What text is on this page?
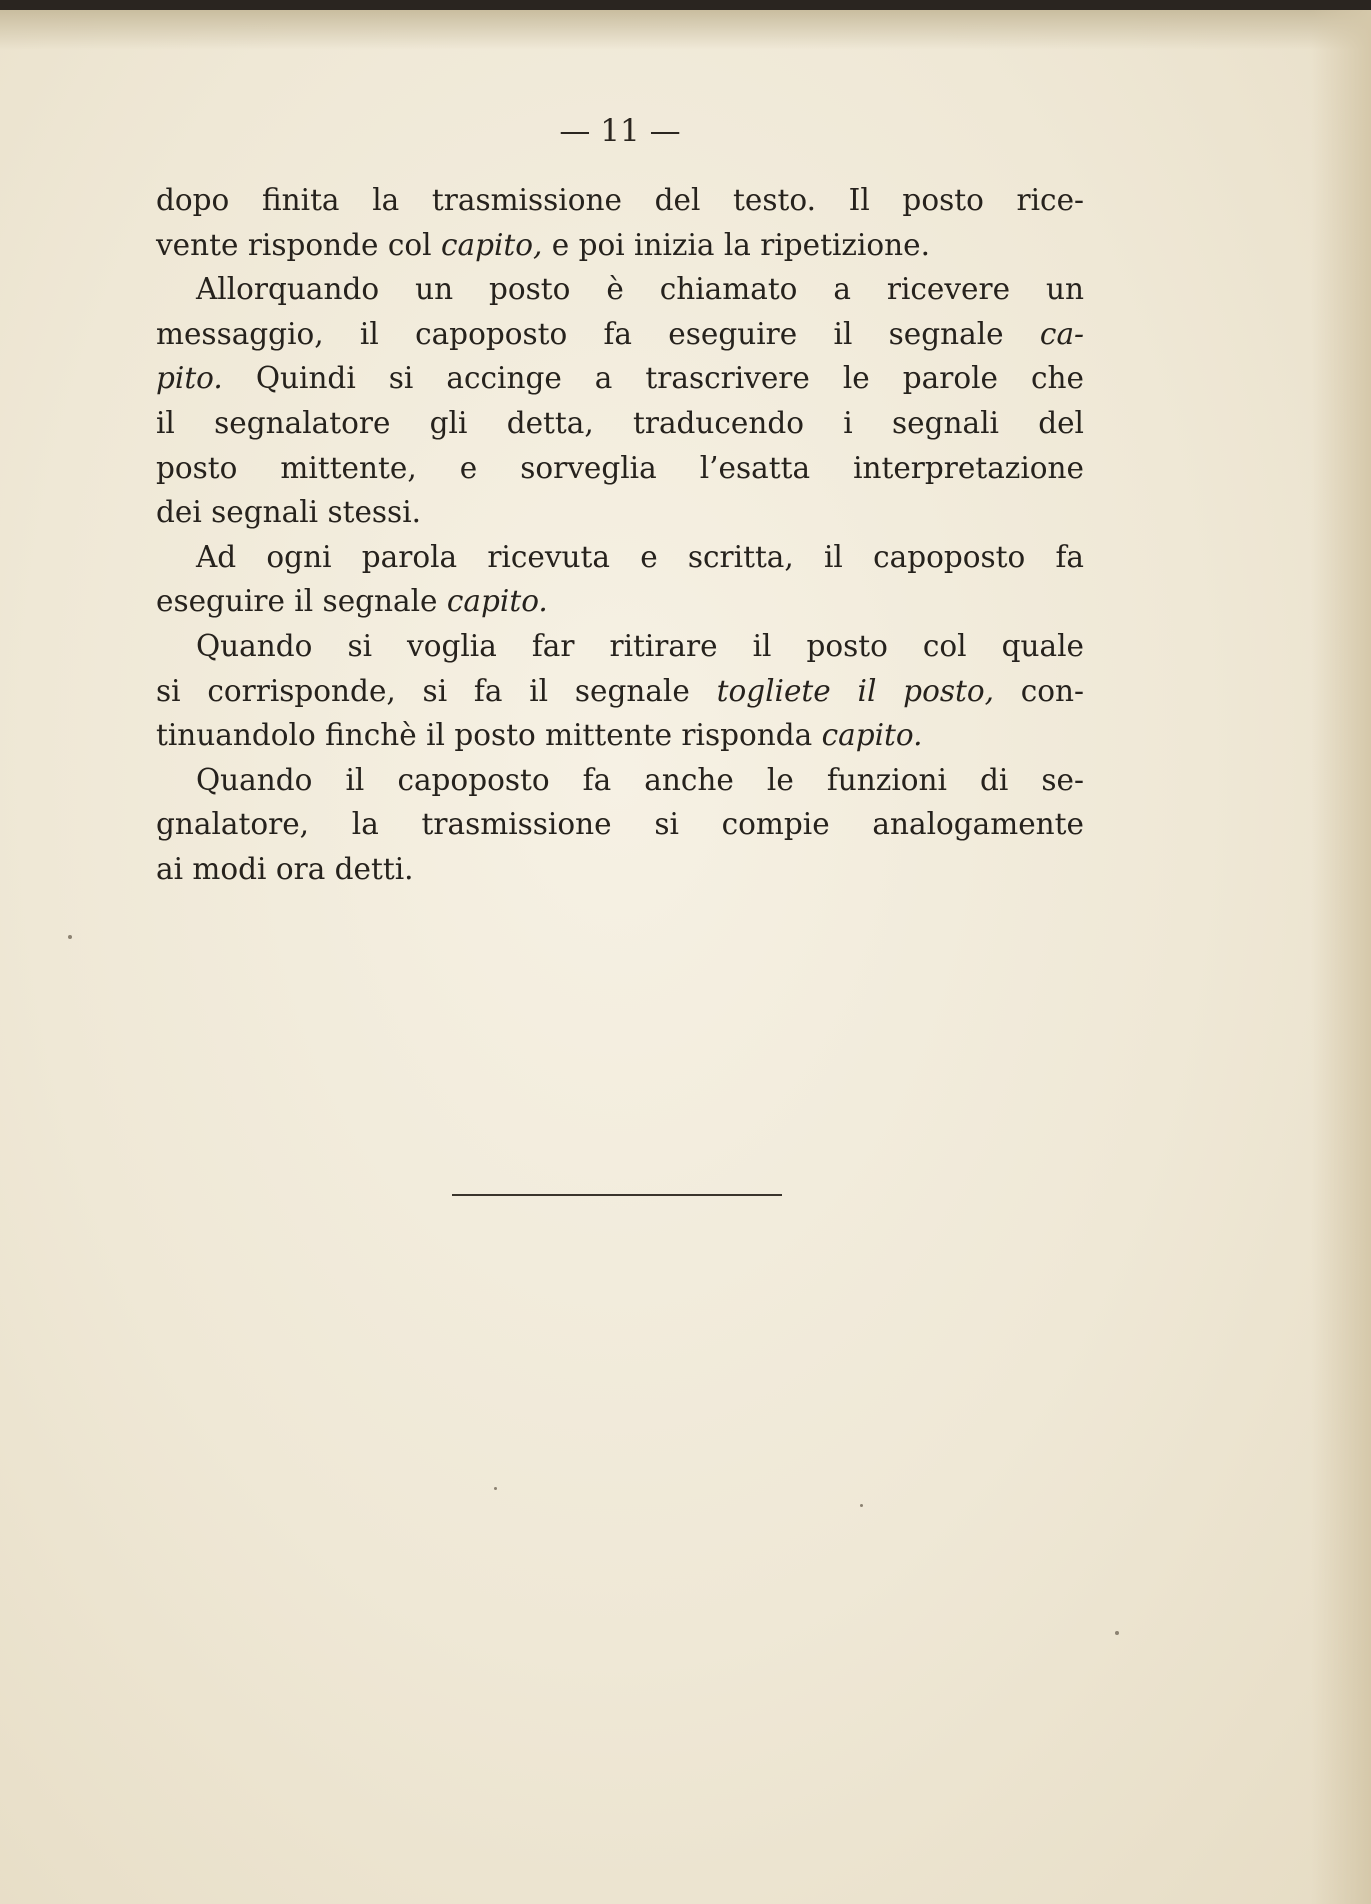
— 11 —
dopo finita la trasmissione del testo. Il posto rice-
vente risponde col capito, e poi inizia la ripetizione.
Allorquando un posto è chiamato a ricevere un
messaggio, il capoposto fa eseguire il segnale ca-
pito. Quindi si accinge a trascrivere le parole che
il segnalatore gli detta, traducendo i segnali del
posto mittente, e sorveglia l’esatta interpretazione
dei segnali stessi.
Ad ogni parola ricevuta e scritta, il capoposto fa
eseguire il segnale capito.
Quando si voglia far ritirare il posto col quale
si corrisponde, si fa il segnale togliete il posto, con-
tinuandolo finchè il posto mittente risponda capito.
Quando il capoposto fa anche le funzioni di se-
gnalatore, la trasmissione si compie analogamente
ai modi ora detti.
